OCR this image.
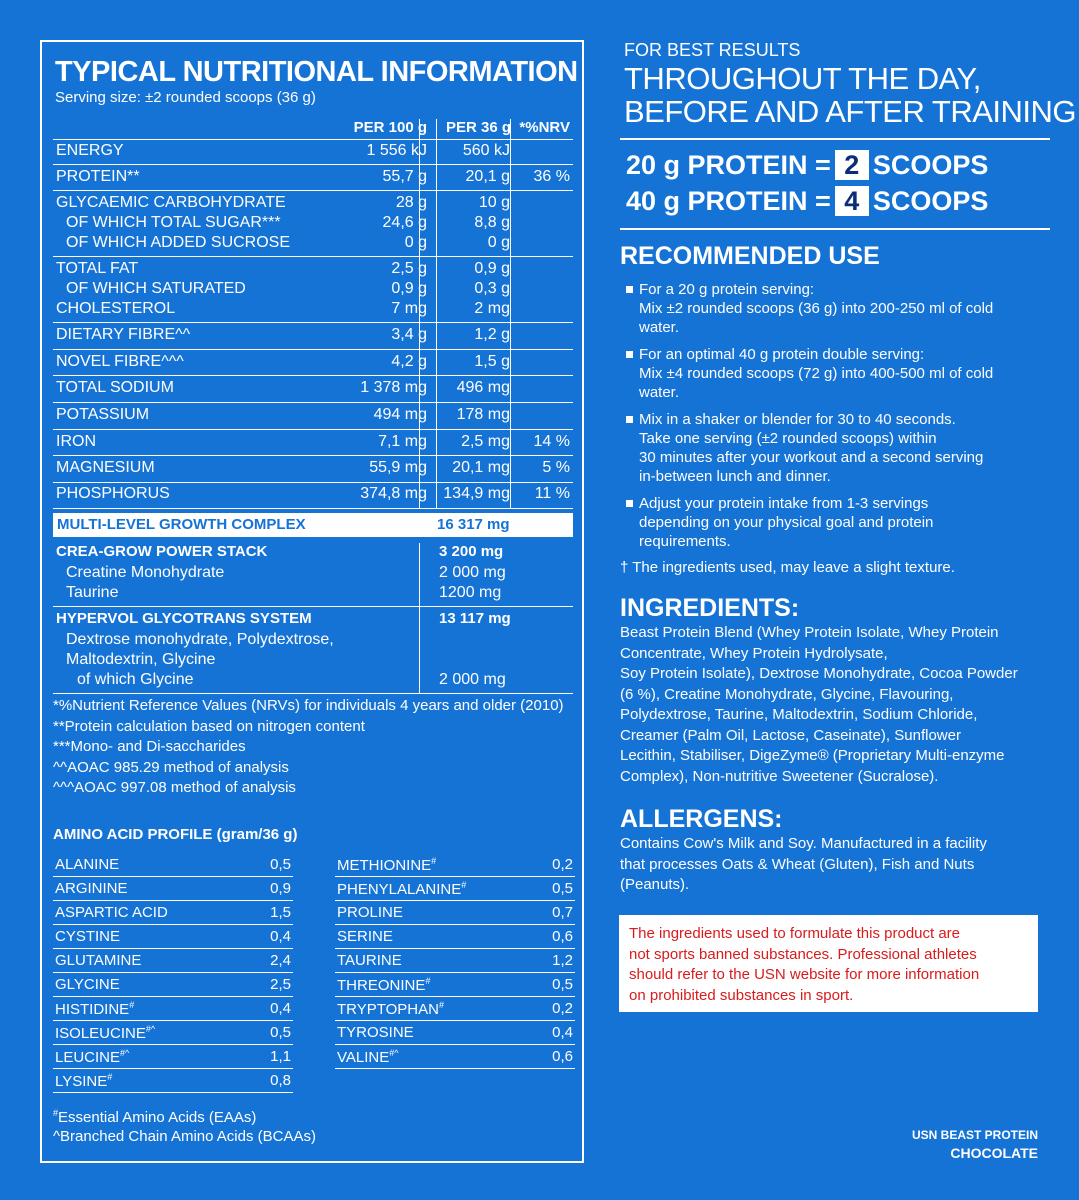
TYPICAL NUTRITIONAL INFORMATION
Serving size: ±2 rounded scoops (36 g)
PER 100 g PER 36 g *%NRV
ENERGY	1 556 kJ 560 kJ
PROTEIN**	55,7 g 20,1 g 36 %
GLYCAEMIC CARBOHYDRATE	28 g	10 g
OF WHICH TOTAL SUGAR***	24,6 g	8,8 g
OF WHICH ADDED SUCROSE	0 g	0 g
TOTAL FAT	2,5 g	0,9 g
OF WHICH SATURATED	0,9 g	0,3 g
CHOLESTEROL	7 mg	2 mg
DIETARY FIBRE^^	3,4 g	1,2 g
NOVEL FIBRE^^^	4,2 g	1,5 g
TOTAL SODIUM	1 378 mg 496 mg
POTASSIUM	494 mg 178 mg
IRON	7,1 mg 2,5 mg 14 %
MAGNESIUM	55,9 mg 20,1 mg 5 %
PHOSPHORUS	374,8 mg 134,9 mg 11 %
MULTI-LEVEL GROWTH COMPLEX	16 317 mg
CREA-GROW POWER STACK	3 200 mg
Creatine Monohydrate	2 000 mg
Taurine	1200 mg
HYPERVOL GLYCOTRANS SYSTEM	13 117 mg
Dextrose monohydrate, Polydextrose,
Maltodextrin, Glycine
of which Glycine	2 000 mg
*%Nutrient Reference Values (NRVs) for individuals 4 years and older (2010)
**Protein calculation based on nitrogen content
***Mono- and Di-saccharides
^^AOAC 985.29 method of analysis
^^^AOAC 997.08 method of analysis
AMINO ACID PROFILE (gram/36 g)
ALANINE	0,5
ARGININE	0,9
ASPARTIC ACID	1,5
CYSTINE	0,4
GLUTAMINE	2,4
GLYCINE	2,5
HISTIDINE#	0,4
ISOLEUCINE#^	0,5
LEUCINE#^	1,1
LYSINE#	0,8
METHIONINE#	0,2
PHENYLALANINE#	0,5
PROLINE	0,7
SERINE	0,6
TAURINE	1,2
THREONINE#	0,5
TRYPTOPHAN#	0,2
TYROSINE	0,4
VALINE#^	0,6
#Essential Amino Acids (EAAs)
^Branched Chain Amino Acids (BCAAs)
FOR BEST RESULTS
THROUGHOUT THE DAY,
BEFORE AND AFTER TRAINING
20 g PROTEIN = 2 SCOOPS
40 g PROTEIN = 4 SCOOPS
RECOMMENDED USE
For a 20 g protein serving:
Mix ±2 rounded scoops (36 g) into 200-250 ml of cold
water.
For an optimal 40 g protein double serving:
Mix ±4 rounded scoops (72 g) into 400-500 ml of cold
water.
Mix in a shaker or blender for 30 to 40 seconds.
Take one serving (±2 rounded scoops) within
30 minutes after your workout and a second serving
in-between lunch and dinner.
Adjust your protein intake from 1-3 servings
depending on your physical goal and protein
requirements.
† The ingredients used, may leave a slight texture.
INGREDIENTS:
Beast Protein Blend (Whey Protein Isolate, Whey Protein
Concentrate, Whey Protein Hydrolysate,
Soy Protein Isolate), Dextrose Monohydrate, Cocoa Powder
(6 %), Creatine Monohydrate, Glycine, Flavouring,
Polydextrose, Taurine, Maltodextrin, Sodium Chloride,
Creamer (Palm Oil, Lactose, Caseinate), Sunflower
Lecithin, Stabiliser, DigeZyme® (Proprietary Multi-enzyme
Complex), Non-nutritive Sweetener (Sucralose).
ALLERGENS:
Contains Cow's Milk and Soy. Manufactured in a facility
that processes Oats & Wheat (Gluten), Fish and Nuts
(Peanuts).
The ingredients used to formulate this product are
not sports banned substances. Professional athletes
should refer to the USN website for more information
on prohibited substances in sport.
USN BEAST PROTEIN
CHOCOLATE
